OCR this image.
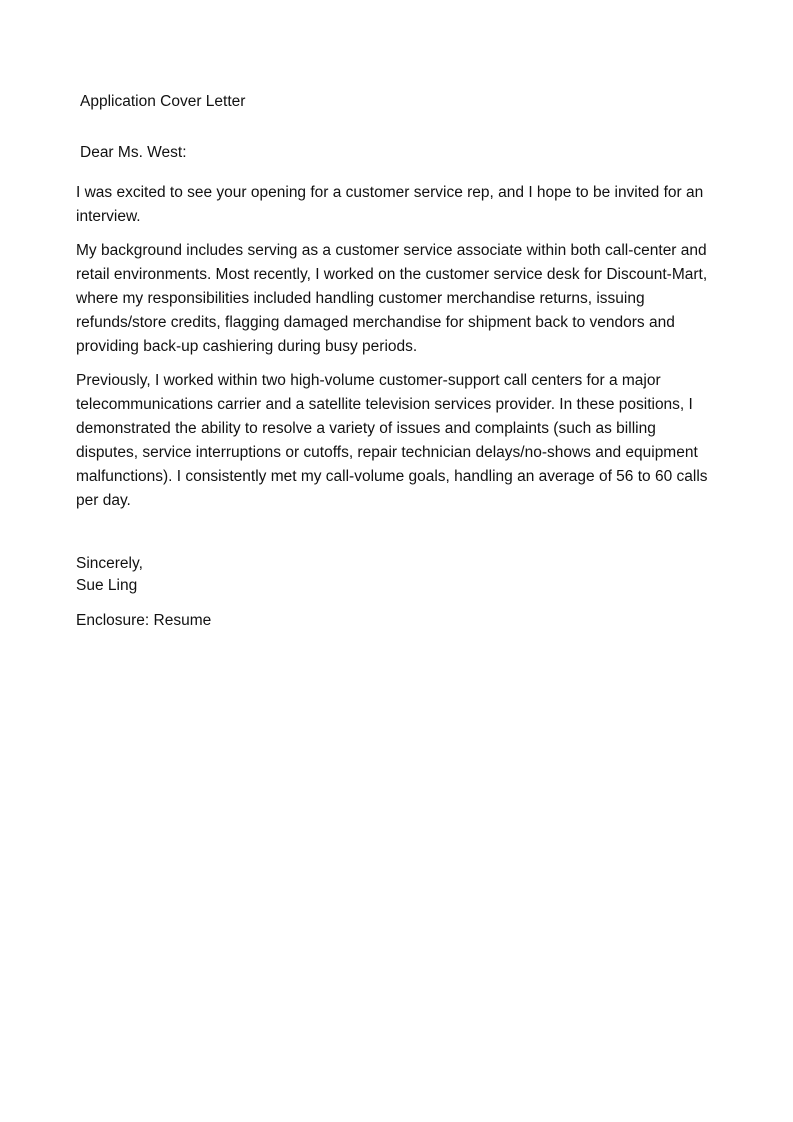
Application Cover Letter
Dear Ms. West:

I was excited to see your opening for a customer service rep, and I hope to be invited for an interview.

My background includes serving as a customer service associate within both call-center and retail environments. Most recently, I worked on the customer service desk for Discount-Mart, where my responsibilities included handling customer merchandise returns, issuing refunds/store credits, flagging damaged merchandise for shipment back to vendors and providing back-up cashiering during busy periods.

Previously, I worked within two high-volume customer-support call centers for a major telecommunications carrier and a satellite television services provider. In these positions, I demonstrated the ability to resolve a variety of issues and complaints (such as billing disputes, service interruptions or cutoffs, repair technician delays/no-shows and equipment malfunctions). I consistently met my call-volume goals, handling an average of 56 to 60 calls per day.

Sincerely,
Sue Ling
Enclosure: Resume
